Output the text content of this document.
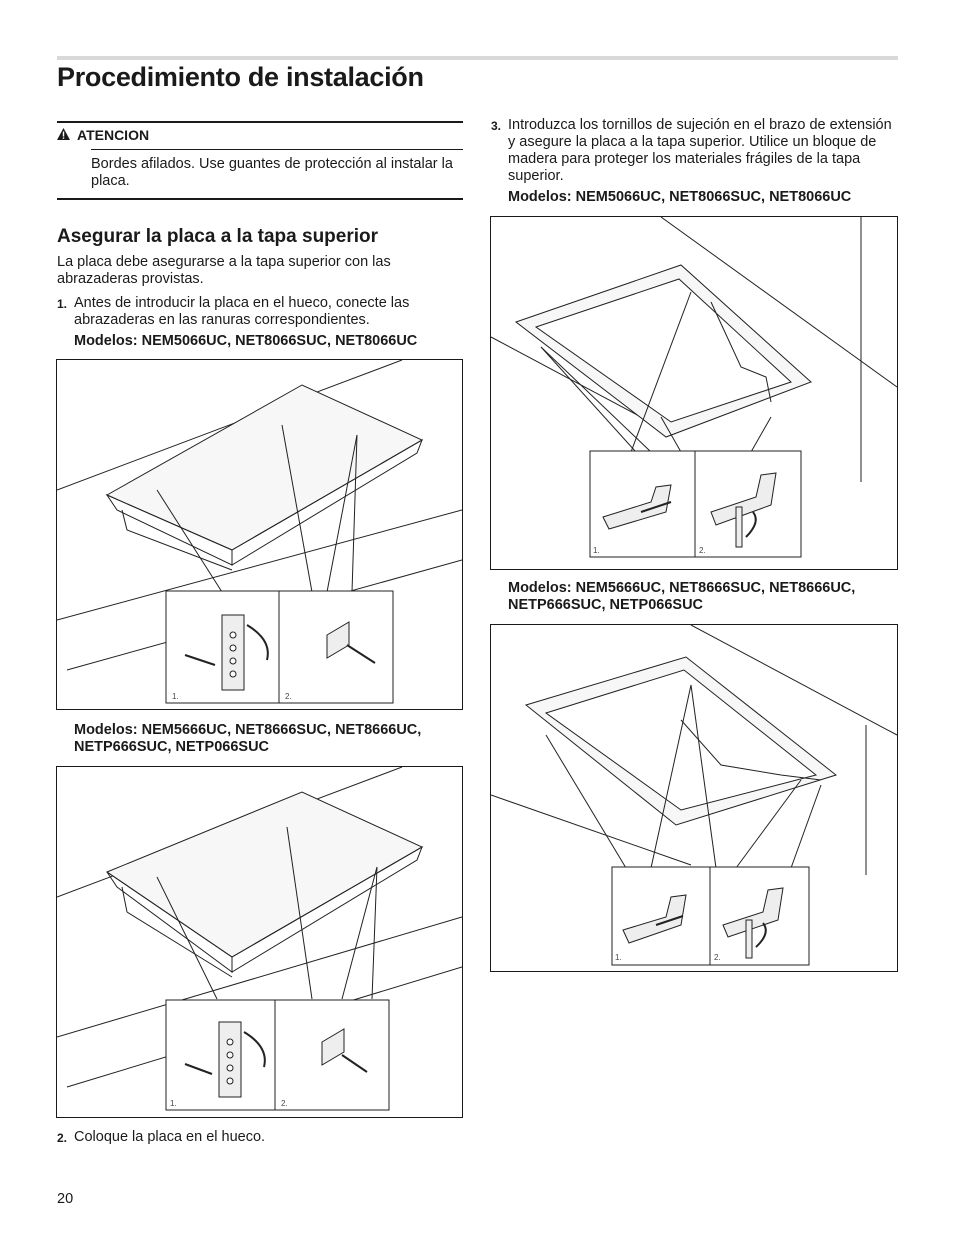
Procedimiento de instalación
ATENCION
Bordes afilados. Use guantes de protección al instalar la placa.
Asegurar la placa a la tapa superior
La placa debe asegurarse a la tapa superior con las abrazaderas provistas.
1. Antes de introducir la placa en el hueco, conecte las abrazaderas en las ranuras correspondientes.
Modelos: NEM5066UC, NET8066SUC, NET8066UC
1.	2.
Modelos: NEM5666UC, NET8666SUC, NET8666UC, NETP666SUC, NETP066SUC
1.	2.
2. Coloque la placa en el hueco.
3. Introduzca los tornillos de sujeción en el brazo de extensión y asegure la placa a la tapa superior. Utilice un bloque de madera para proteger los materiales frágiles de la tapa superior.
Modelos: NEM5066UC, NET8066SUC, NET8066UC
1.	2.
Modelos: NEM5666UC, NET8666SUC, NET8666UC, NETP666SUC, NETP066SUC
1.	2.
20
